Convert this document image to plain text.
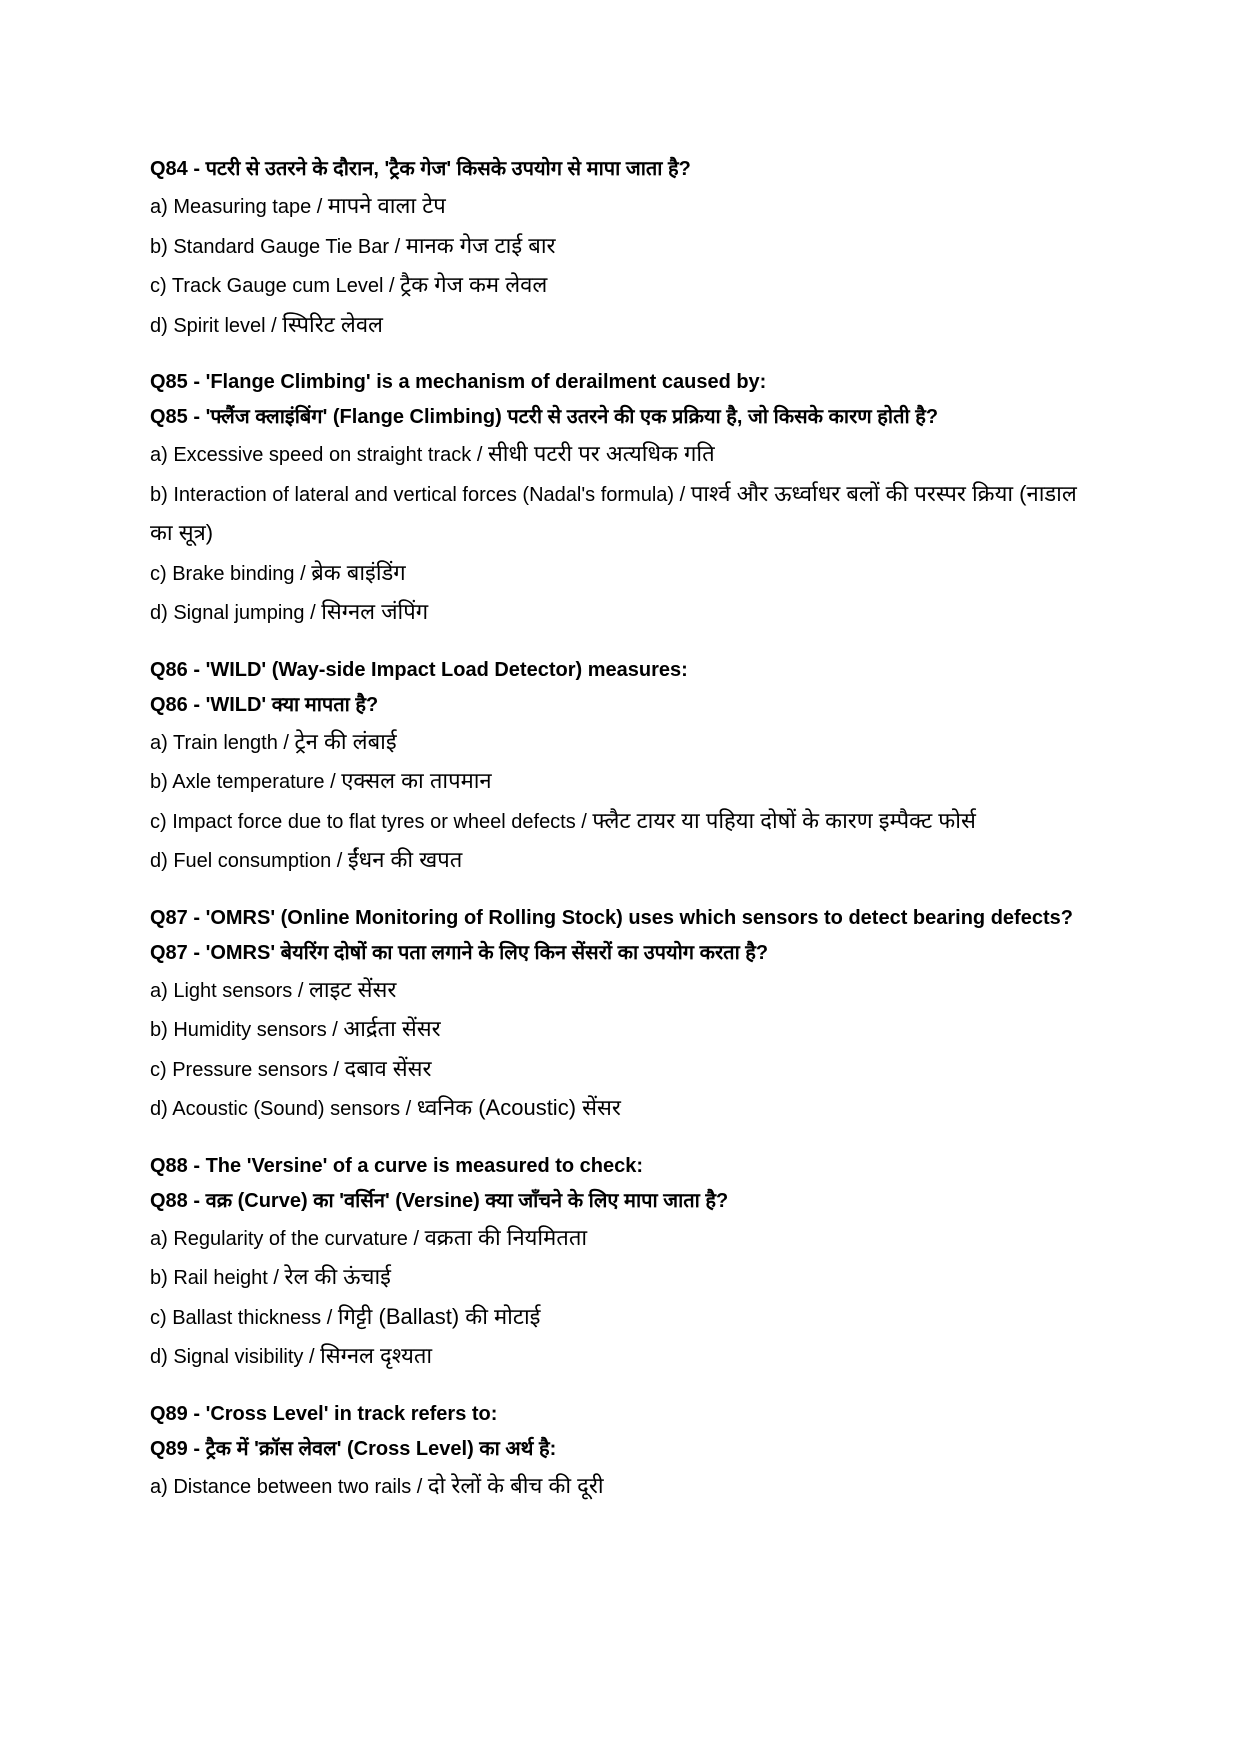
Q84 - पटरी से उतरने के दौरान, 'ट्रैक गेज' किसके उपयोग से मापा जाता है?

a) Measuring tape / मापने वाला टेप

b) Standard Gauge Tie Bar / मानक गेज टाई बार

c) Track Gauge cum Level / ट्रैक गेज कम लेवल

d) Spirit level / स्पिरिट लेवल

Q85 - 'Flange Climbing' is a mechanism of derailment caused by:

Q85 - 'फ्लैंज क्लाइंबिंग' (Flange Climbing) पटरी से उतरने की एक प्रक्रिया है, जो किसके कारण होती है?

a) Excessive speed on straight track / सीधी पटरी पर अत्यधिक गति

b) Interaction of lateral and vertical forces (Nadal's formula) / पार्श्व और ऊर्ध्वाधर बलों की परस्पर क्रिया (नाडाल का सूत्र)

c) Brake binding / ब्रेक बाइंडिंग

d) Signal jumping / सिग्नल जंपिंग

Q86 - 'WILD' (Way-side Impact Load Detector) measures:

Q86 - 'WILD' क्या मापता है?

a) Train length / ट्रेन की लंबाई

b) Axle temperature / एक्सल का तापमान

c) Impact force due to flat tyres or wheel defects / फ्लैट टायर या पहिया दोषों के कारण इम्पैक्ट फोर्स

d) Fuel consumption / ईंधन की खपत

Q87 - 'OMRS' (Online Monitoring of Rolling Stock) uses which sensors to detect bearing defects?

Q87 - 'OMRS' बेयरिंग दोषों का पता लगाने के लिए किन सेंसरों का उपयोग करता है?

a) Light sensors / लाइट सेंसर

b) Humidity sensors / आर्द्रता सेंसर

c) Pressure sensors / दबाव सेंसर

d) Acoustic (Sound) sensors / ध्वनिक (Acoustic) सेंसर

Q88 - The 'Versine' of a curve is measured to check:

Q88 - वक्र (Curve) का 'वर्सिन' (Versine) क्या जाँचने के लिए मापा जाता है?

a) Regularity of the curvature / वक्रता की नियमितता

b) Rail height / रेल की ऊंचाई

c) Ballast thickness / गिट्टी (Ballast) की मोटाई

d) Signal visibility / सिग्नल दृश्यता

Q89 - 'Cross Level' in track refers to:

Q89 - ट्रैक में 'क्रॉस लेवल' (Cross Level) का अर्थ है:

a) Distance between two rails / दो रेलों के बीच की दूरी
